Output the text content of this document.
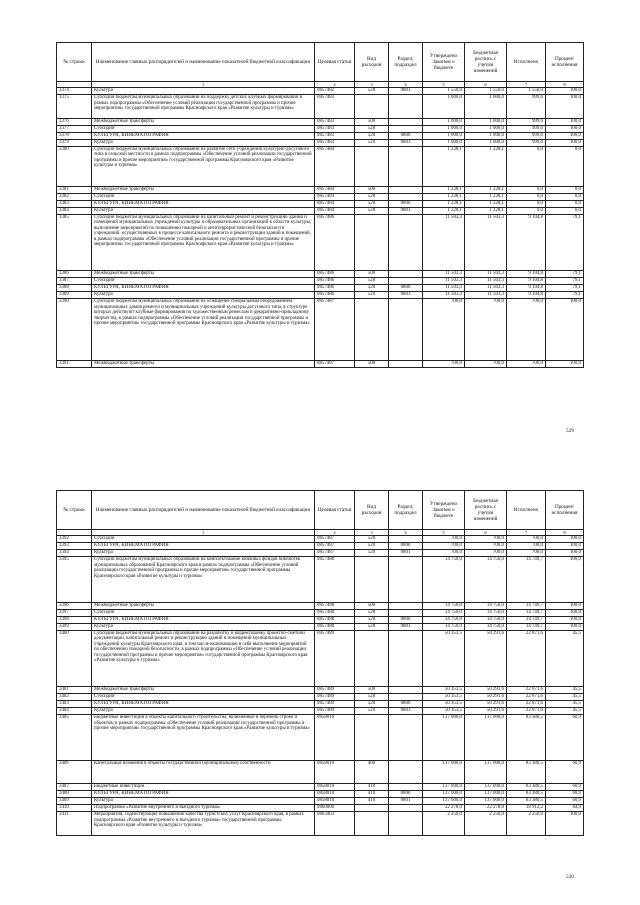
№ строки	Наименование главных распорядителей и наименование показателей бюджетной классификации	Целевая статья	Вид расходов	Раздел, подраздел	Утверждено Законом о бюджете	Бюджетная роспись с учетом изменений	Исполнено	Процент исполнения
	1	2	3	4	5	6	7	8
3374	Культура	0857482	520	0801	1 550,0	1 550,0	1 550,0	100,0
3375	Субсидии бюджетам муниципальных образований на поддержку детских клубных формирований в рамках подпрограммы «Обеспечение условий реализации государственной программы и прочие мероприятия» государственной программы Красноярского края «Развитие культуры и туризма»	0857483			1 000,0	1 000,0	999,6	100,0
3376	Межбюджетные трансферты	0857483	500		1 000,0	1 000,0	999,6	100,0
3377	Субсидии	0857483	520		1 000,0	1 000,0	999,6	100,0
3378	КУЛЬТУРА, КИНЕМАТОГРАФИЯ	0857483	520	0800	1 000,0	1 000,0	999,6	100,0
3379	Культура	0857483	520	0801	1 000,0	1 000,0	999,6	100,0
3380	Субсидии бюджетам муниципальных образований на развитие сети учреждений культурно-досугового типа в сельской местности в рамках подпрограммы «Обеспечение условий реализации государственной программы и прочие мероприятия» государственной программы Красноярского края «Развитие культуры и туризма»	0857484			1 228,1	1 228,1	0,0	0,0
3381	Межбюджетные трансферты	0857484	500		1 228,1	1 228,1	0,0	0,0
3382	Субсидии	0857484	520		1 228,1	1 228,1	0,0	0,0
3383	КУЛЬТУРА, КИНЕМАТОГРАФИЯ	0857484	520	0800	1 228,1	1 228,1	0,0	0,0
3384	Культура	0857484	520	0801	1 228,1	1 228,1	0,0	0,0
3385	Субсидии бюджетам муниципальных образований на капитальный ремонт и реконструкцию зданий и помещений муниципальных учреждений культуры и образовательных организаций в области культуры, выполнение мероприятий по повышению пожарной и антитеррористической безопасности учреждений, осуществляемых в процессе капитального ремонта и реконструкции зданий и помещений, в рамках подпрограммы «Обеспечение условий реализации государственной программы и прочие мероприятия» государственной программы Красноярского края «Развитие культуры и туризма»	0857486			11 503,3	11 503,3	9 104,8	79,1
3386	Межбюджетные трансферты	0857486	500		11 503,3	11 503,3	9 104,8	79,1
3387	Субсидии	0857486	520		11 503,3	11 503,3	9 104,8	79,1
3388	КУЛЬТУРА, КИНЕМАТОГРАФИЯ	0857486	520	0800	11 503,3	11 503,3	9 104,8	79,1
3389	Культура	0857486	520	0801	11 503,3	11 503,3	9 104,8	79,1
3390	Субсидии бюджетам муниципальных образований на оснащение специальным оборудованием муниципальных домов ремесел и муниципальных учреждений культуры досугового типа, в структуре которых действуют клубные формирования по художественным ремеслам и декоративно-прикладному творчеству, в рамках подпрограммы «Обеспечение условий реализации государственной программы и прочие мероприятия» государственной программы Красноярского края «Развитие культуры и туризма»	0857487			700,0	700,0	700,0	100,0
3391	Межбюджетные трансферты	0857487	500		700,0	700,0	700,0	100,0
529
№ строки	Наименование главных распорядителей и наименование показателей бюджетной классификации	Целевая статья	Вид расходов	Раздел, подраздел	Утверждено Законом о бюджете	Бюджетная роспись с учетом изменений	Исполнено	Процент исполнения
	1	2	3	4	5	6	7	8
3392	Субсидии	0857487	520		700,0	700,0	700,0	100,0
3393	КУЛЬТУРА, КИНЕМАТОГРАФИЯ	0857487	520	0800	700,0	700,0	700,0	100,0
3394	Культура	0857487	520	0801	700,0	700,0	700,0	100,0
3395	Субсидии бюджетам муниципальных образований на комплектование книжных фондов библиотек муниципальных образований Красноярского края в рамках подпрограммы «Обеспечение условий реализации государственной программы и прочие мероприятия» государственной программы Красноярского края «Развитие культуры и туризма»	0857488			14 750,0	14 750,0	14 749,7	100,0
3396	Межбюджетные трансферты	0857488	500		14 750,0	14 750,0	14 749,7	100,0
3397	Субсидии	0857488	520		14 750,0	14 750,0	14 749,7	100,0
3398	КУЛЬТУРА, КИНЕМАТОГРАФИЯ	0857488	520	0800	14 750,0	14 750,0	14 749,7	100,0
3399	Культура	0857488	520	0801	14 750,0	14 750,0	14 749,7	100,0
3400	Субсидии бюджетам муниципальных образований на разработку и корректировку проектно-сметной документации, капитальный ремонт и реконструкцию зданий и помещений муниципальных учреждений культуры Красноярского края, в том числе включающие в себя выполнение мероприятий по обеспечению пожарной безопасности, в рамках подпрограммы «Обеспечение условий реализации государственной программы и прочие мероприятия» государственной программы Красноярского края «Развитие культуры и туризма»	0857489			50 353,5	50 291,6	22 871,6	45,5
3401	Межбюджетные трансферты	0857489	500		50 353,5	50 291,6	22 871,6	45,5
3402	Субсидии	0857489	520		50 353,5	50 291,6	22 871,6	45,5
3403	КУЛЬТУРА, КИНЕМАТОГРАФИЯ	0857489	520	0800	50 353,5	50 291,6	22 871,6	45,5
3404	Культура	0857489	520	0801	50 353,5	50 291,6	22 871,6	45,5
3405	Бюджетные инвестиции в объекты капитального строительства, включенные в перечень строек и объектов, в рамках подпрограммы «Обеспечение условий реализации государственной программы и прочие мероприятия» государственной программы Красноярского края «Развитие культуры и туризма»	0858010			137 000,0	137 000,0	83 380,5	60,9
3406	Капитальные вложения в объекты государственной (муниципальной) собственности	0858010	400		137 000,0	137 000,0	83 380,5	60,9
3407	Бюджетные инвестиции	0858010	410		137 000,0	137 000,0	83 380,5	60,9
3408	КУЛЬТУРА, КИНЕМАТОГРАФИЯ	0858010	410	0800	137 000,0	137 000,0	83 380,5	60,9
3409	Культура	0858010	410	0801	137 000,0	137 000,0	83 380,5	60,9
3410	Подпрограмма «Развитие внутреннего и въездного туризма»	0860000			22 278,0	22 278,0	18 912,2	84,9
3411	Мероприятия, содействующие повышению качества туристских услуг Красноярского края, в рамках подпрограммы «Развитие внутреннего и въездного туризма» государственной программы Красноярского края «Развитие культуры и туризма»	0863463			2 250,0	2 250,0	2 250,0	100,0
530
